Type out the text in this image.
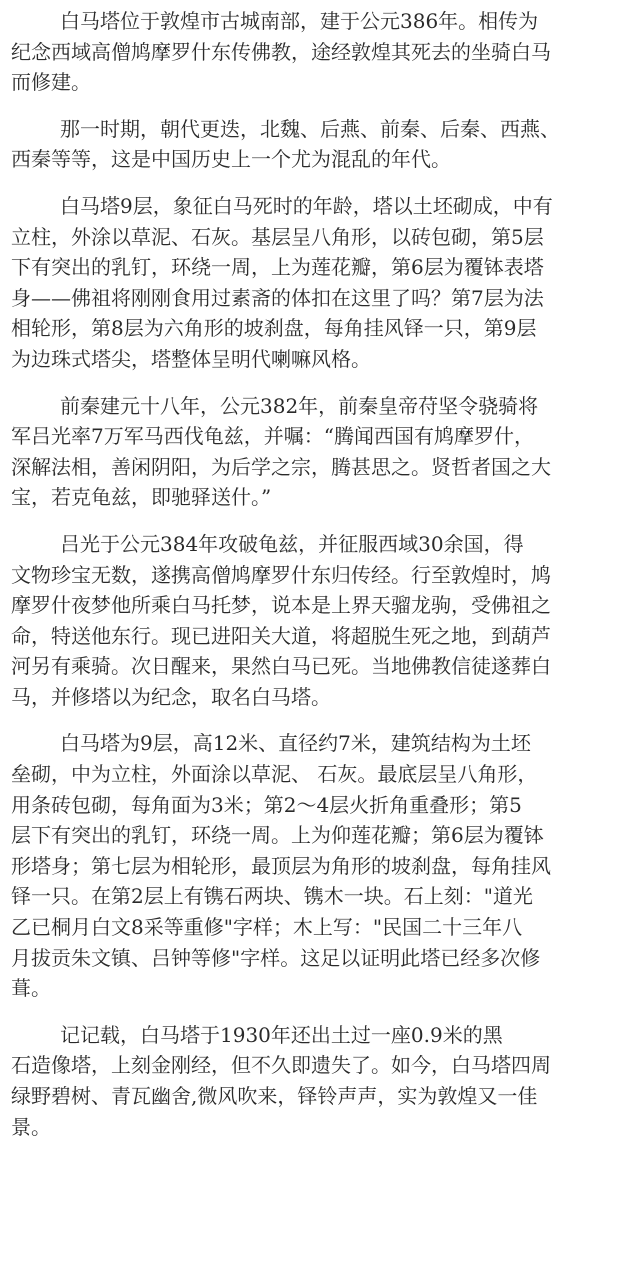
白马塔位于敦煌市古城南部，建于公元386年。相传为
纪念西域高僧鸠摩罗什东传佛教，途经敦煌其死去的坐骑白马
而修建。

那一时期，朝代更迭，北魏、后燕、前秦、后秦、西燕、
西秦等等，这是中国历史上一个尤为混乱的年代。

白马塔9层，象征白马死时的年龄，塔以土坯砌成，中有
立柱，外涂以草泥、石灰。基层呈八角形，以砖包砌，第5层
下有突出的乳钉，环绕一周，上为莲花瓣，第6层为覆钵表塔
身——佛祖将刚刚食用过素斋的体扣在这里了吗？第7层为法
相轮形，第8层为六角形的坡刹盘，每角挂风铎一只，第9层
为边珠式塔尖，塔整体呈明代喇嘛风格。

前秦建元十八年，公元382年，前秦皇帝苻坚令骁骑将
军吕光率7万军马西伐龟兹，并嘱：“腾闻西国有鸠摩罗什，
深解法相，善闲阴阳，为后学之宗，腾甚思之。贤哲者国之大
宝，若克龟兹，即驰驿送什。”

吕光于公元384年攻破龟兹，并征服西域30余国，得
文物珍宝无数，遂携高僧鸠摩罗什东归传经。行至敦煌时，鸠
摩罗什夜梦他所乘白马托梦，说本是上界天骝龙驹，受佛祖之
命，特送他东行。现已进阳关大道，将超脱生死之地，到葫芦
河另有乘骑。次日醒来，果然白马已死。当地佛教信徒遂葬白
马，并修塔以为纪念，取名白马塔。

白马塔为9层，高12米、直径约7米，建筑结构为土坯
垒砌，中为立柱，外面涂以草泥、 石灰。最底层呈八角形，
用条砖包砌，每角面为3米；第2～4层火折角重叠形；第5
层下有突出的乳钉，环绕一周。上为仰莲花瓣；第6层为覆钵
形塔身；第七层为相轮形，最顶层为角形的坡刹盘，每角挂风
铎一只。在第2层上有镌石两块、镌木一块。石上刻："道光
乙已桐月白文8采等重修"字样；木上写："民国二十三年八
月拔贡朱文镇、吕钟等修"字样。这足以证明此塔已经多次修
葺。

记记载，白马塔于1930年还出土过一座0.9米的黑
石造像塔，上刻金刚经，但不久即遗失了。如今，白马塔四周
绿野碧树、青瓦幽舍,微风吹来，铎铃声声，实为敦煌又一佳
景。
